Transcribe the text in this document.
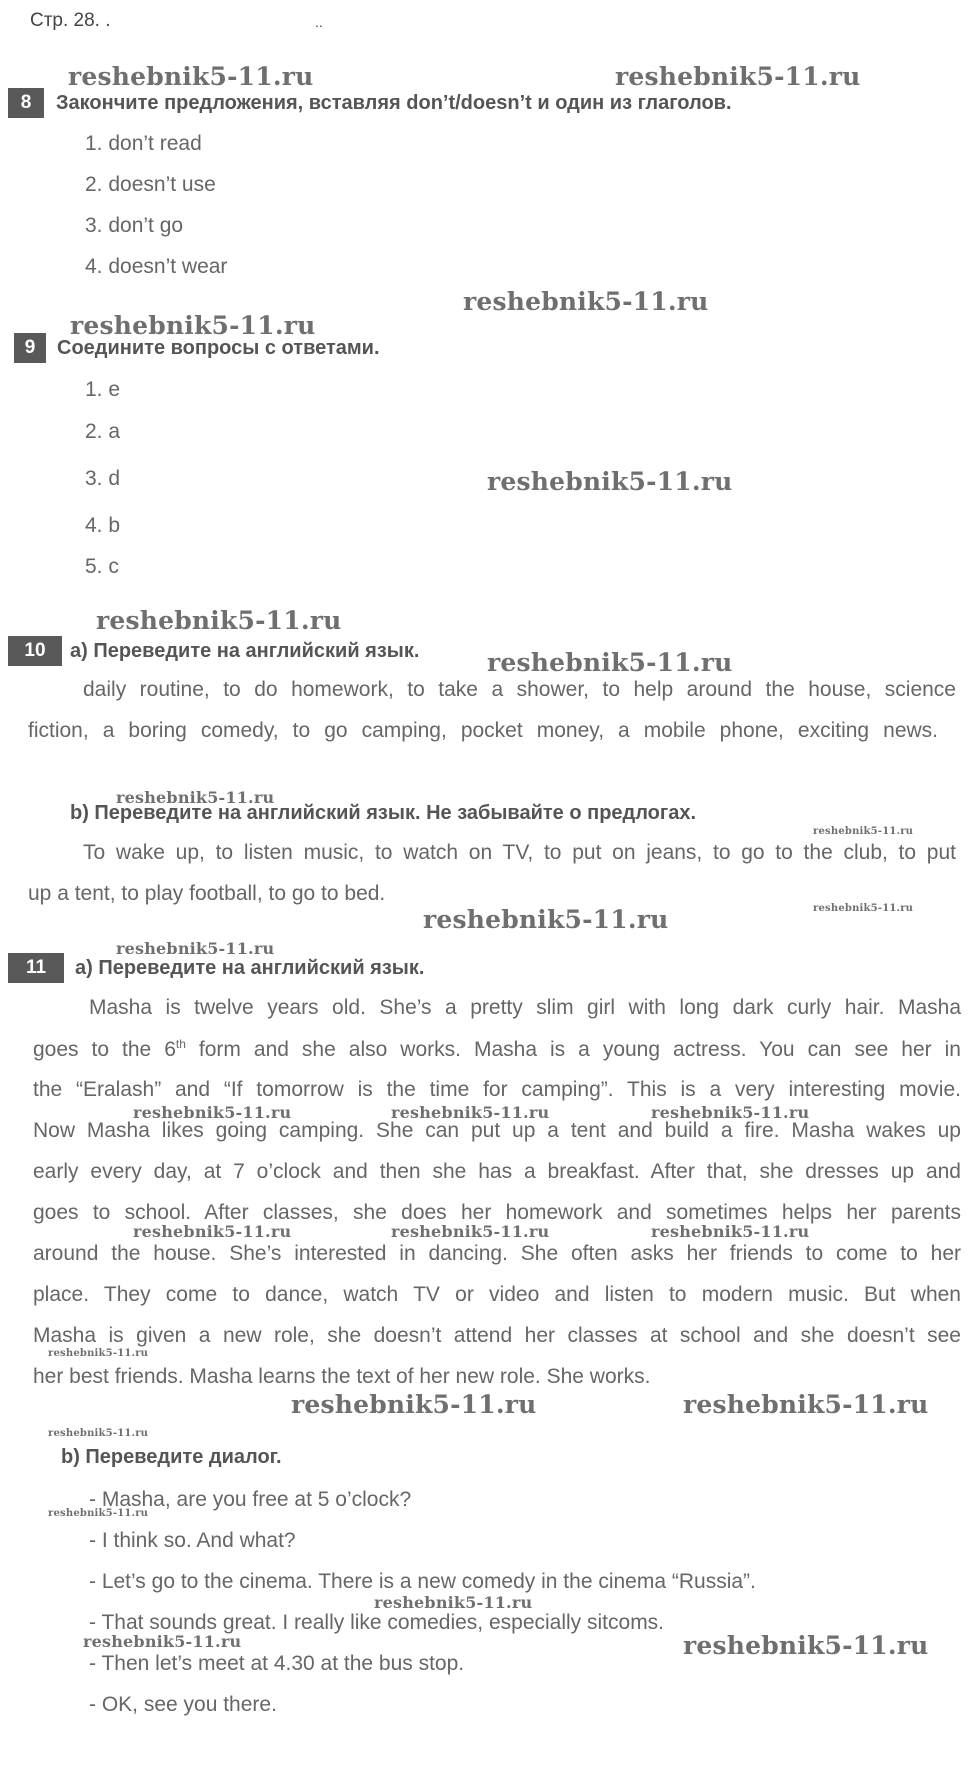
Стр. 28. .	..
reshebnik5-11.ru	reshebnik5-11.ru
reshebnik5-11.ru
reshebnik5-11.ru
reshebnik5-11.ru
reshebnik5-11.ru
reshebnik5-11.ru
reshebnik5-11.ru
reshebnik5-11.ru	reshebnik5-11.ru
reshebnik5-11.ru
reshebnik5-11.ru
reshebnik5-11.ru
reshebnik5-11.ru	reshebnik5-11.ru	reshebnik5-11.ru
reshebnik5-11.ru	reshebnik5-11.ru	reshebnik5-11.ru
reshebnik5-11.ru
reshebnik5-11.ru
reshebnik5-11.ru
reshebnik5-11.ru
reshebnik5-11.ru
reshebnik5-11.ru
reshebnik5-11.ru
8	Закончите предложения, вставляя don’t/doesn’t и один из глаголов.
1. don’t read
2. doesn’t use
3. don’t go
4. doesn’t wear
9	Соедините вопросы с ответами.
1. e
2. a
3. d
4. b
5. c
10	a) Переведите на английский язык.
daily routine, to do homework, to take a shower, to help around the house, science
fiction, a boring comedy, to go camping, pocket money, a mobile phone, exciting news.
b) Переведите на английский язык. Не забывайте о предлогах.
To wake up, to listen music, to watch on TV, to put on jeans, to go to the club, to put
up a tent, to play football, to go to bed.
11	a) Переведите на английский язык.
Masha is twelve years old. She’s a pretty slim girl with long dark curly hair. Masha
goes to the 6th form and she also works. Masha is a young actress. You can see her in
the “Eralash” and “If tomorrow is the time for camping”. This is a very interesting movie.
Now Masha likes going camping. She can put up a tent and build a fire. Masha wakes up
early every day, at 7 o’clock and then she has a breakfast. After that, she dresses up and
goes to school. After classes, she does her homework and sometimes helps her parents
around the house. She’s interested in dancing. She often asks her friends to come to her
place. They come to dance, watch TV or video and listen to modern music. But when
Masha is given a new role, she doesn’t attend her classes at school and she doesn’t see
her best friends. Masha learns the text of her new role. She works.
b) Переведите диалог.
- Masha, are you free at 5 o’clock?
- I think so. And what?
- Let’s go to the cinema. There is a new comedy in the cinema “Russia”.
- That sounds great. I really like comedies, especially sitcoms.
- Then let’s meet at 4.30 at the bus stop.
- OK, see you there.
